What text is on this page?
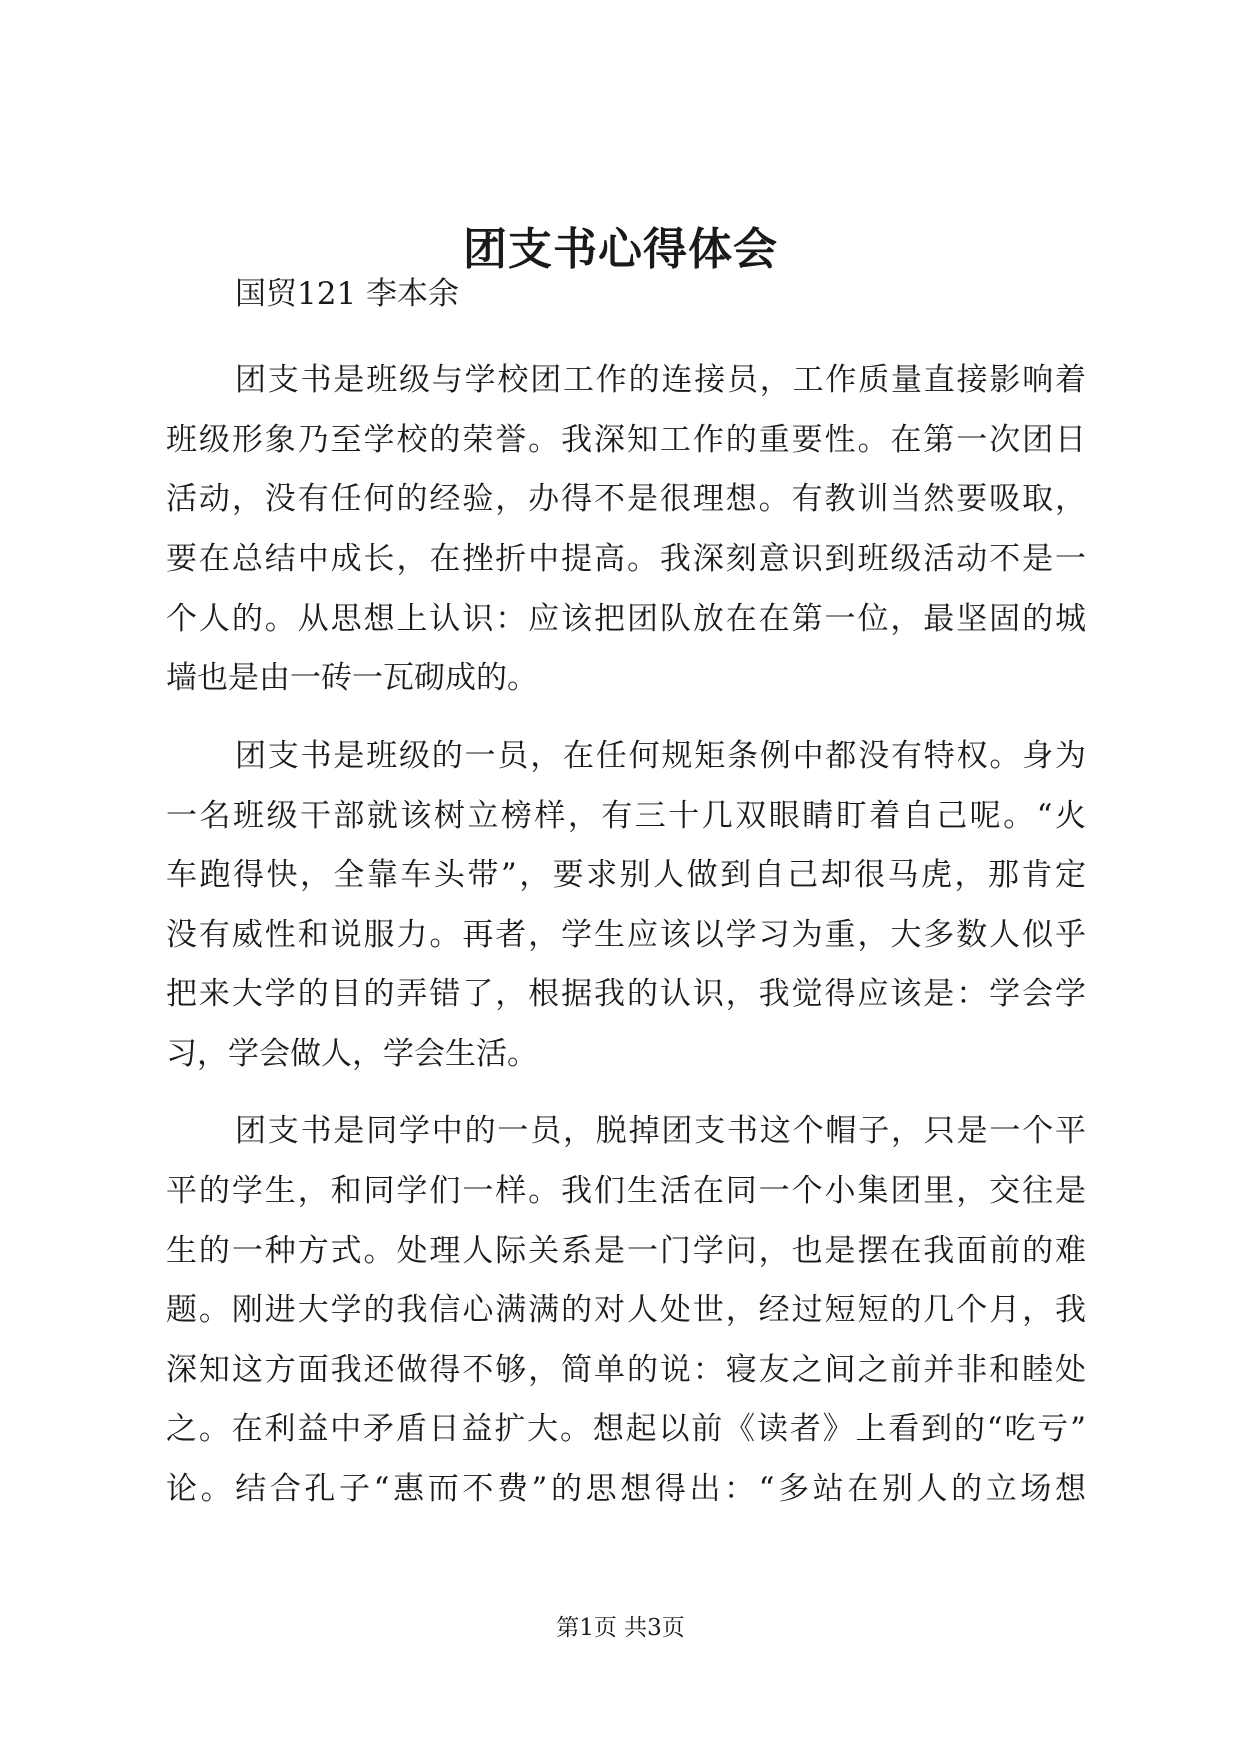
团支书心得体会

国贸121 李本余

团支书是班级与学校团工作的连接员，工作质量直接影响着

班级形象乃至学校的荣誉。我深知工作的重要性。在第一次团日

活动，没有任何的经验，办得不是很理想。有教训当然要吸取，

要在总结中成长，在挫折中提高。我深刻意识到班级活动不是一

个人的。从思想上认识：应该把团队放在在第一位，最坚固的城

墙也是由一砖一瓦砌成的。

团支书是班级的一员，在任何规矩条例中都没有特权。身为

一名班级干部就该树立榜样，有三十几双眼睛盯着自己呢。“火

车跑得快，全靠车头带”，要求别人做到自己却很马虎，那肯定

没有威性和说服力。再者，学生应该以学习为重，大多数人似乎

把来大学的目的弄错了，根据我的认识，我觉得应该是：学会学

习，学会做人，学会生活。

团支书是同学中的一员，脱掉团支书这个帽子，只是一个平

平的学生，和同学们一样。我们生活在同一个小集团里，交往是

生的一种方式。处理人际关系是一门学问，也是摆在我面前的难

题。刚进大学的我信心满满的对人处世，经过短短的几个月，我

深知这方面我还做得不够，简单的说：寝友之间之前并非和睦处

之。在利益中矛盾日益扩大。想起以前《读者》上看到的“吃亏”

论。结合孔子“惠而不费”的思想得出：“多站在别人的立场想

第1页 共3页
